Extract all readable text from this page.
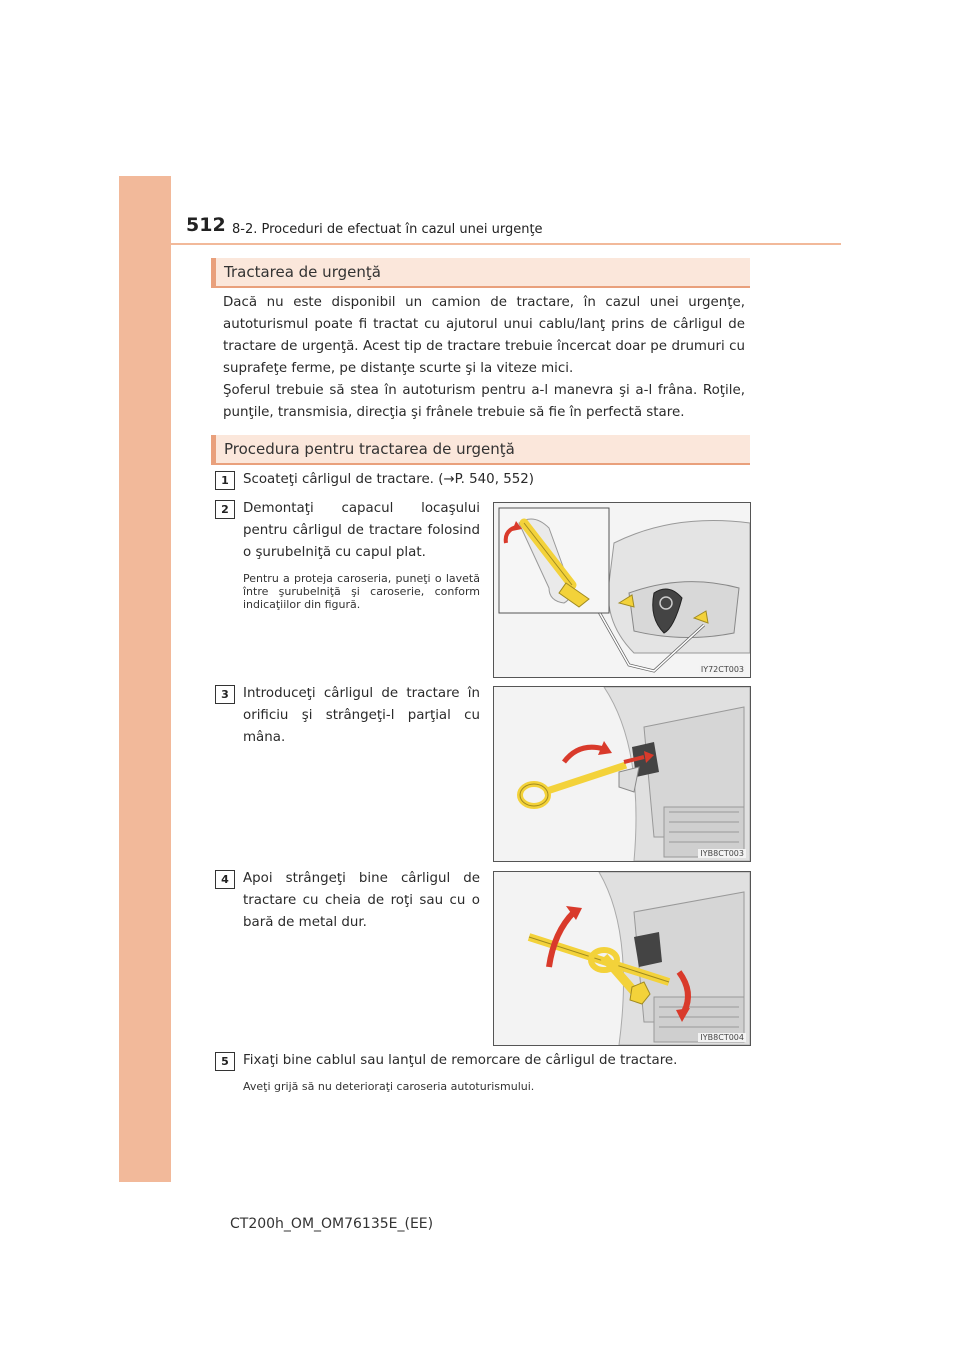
512 8-2. Proceduri de efectuat în cazul unei urgenţe
Tractarea de urgenţă

Dacă nu este disponibil un camion de tractare, în cazul unei urgenţe, autoturismul poate fi tractat cu ajutorul unui cablu/lanţ prins de cârligul de tractare de urgenţă. Acest tip de tractare trebuie încercat doar pe drumuri cu suprafeţe ferme, pe distanţe scurte şi la viteze mici.

Şoferul trebuie să stea în autoturism pentru a-l manevra şi a-l frâna. Roţile, punţile, transmisia, direcţia şi frânele trebuie să fie în perfectă stare.

Procedura pentru tractarea de urgenţă
1	Scoateţi cârligul de tractare. (→P. 540, 552)
2	Demontaţi capacul locaşului pentru cârligul de tractare folosind o şurubelniţă cu capul plat.
Pentru a proteja caroseria, puneţi o lavetă între şurubelniţă şi caroserie, conform indicaţiilor din figură.
IY72CT003
3	Introduceţi cârligul de tractare în orificiu şi strângeţi-l parţial cu mâna.
IYB8CT003
4	Apoi strângeţi bine cârligul de tractare cu cheia de roţi sau cu o bară de metal dur.
IYB8CT004
5	Fixaţi bine cablul sau lanţul de remorcare de cârligul de tractare.
Aveţi grijă să nu deterioraţi caroseria autoturismului.
CT200h_OM_OM76135E_(EE)
